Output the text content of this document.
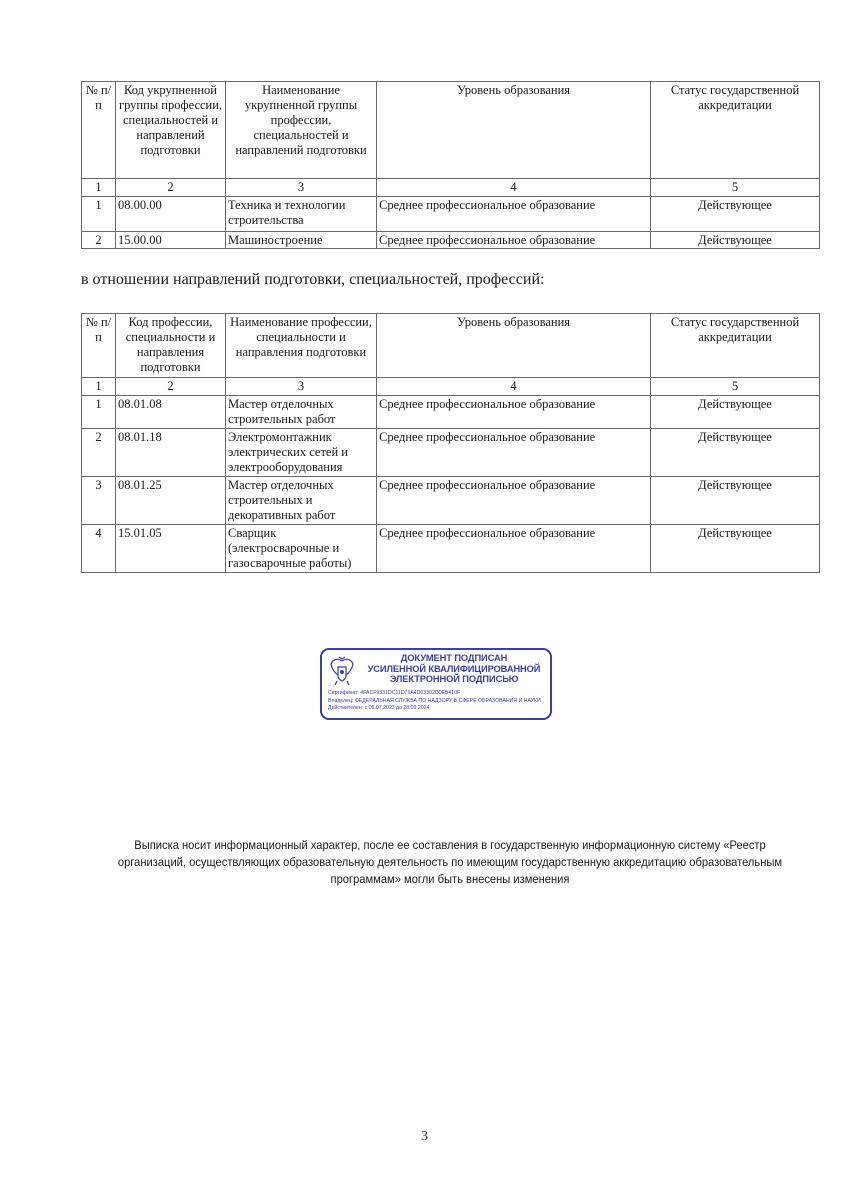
№ п/п	Код укрупненной группы профессии, специальностей и направлений подготовки	Наименование укрупненной группы профессии, специальностей и направлений подготовки	Уровень образования	Статус государственной аккредитации
1	2	3	4	5
1	08.00.00	Техника и технологии строительства	Среднее профессиональное образование	Действующее
2	15.00.00	Машиностроение	Среднее профессиональное образование	Действующее
в отношении направлений подготовки, специальностей, профессий:
№ п/п	Код профессии, специальности и направления подготовки	Наименование профессии, специальности и направления подготовки	Уровень образования	Статус государственной аккредитации
1	2	3	4	5
1	08.01.08	Мастер отделочных строительных работ	Среднее профессиональное образование	Действующее
2	08.01.18	Электромонтажник электрических сетей и электрооборудования	Среднее профессиональное образование	Действующее
3	08.01.25	Мастер отделочных строительных и декоративных работ	Среднее профессиональное образование	Действующее
4	15.01.05	Сварщик (электросварочные и газосварочные работы)	Среднее профессиональное образование	Действующее
ДОКУМЕНТ ПОДПИСАН
УСИЛЕННОЙ КВАЛИФИЦИРОВАННОЙ
ЭЛЕКТРОННОЙ ПОДПИСЬЮ
Сертификат: 4FACF9331DC11D71A4D03302D0EB410F
Владелец: ФЕДЕРАЛЬНАЯ СЛУЖБА ПО НАДЗОРУ В СФЕРЕ ОБРАЗОВАНИЯ И НАУКИ
Действителен: с 06.07.2023 до 28.09.2024
Выписка носит информационный характер, после ее составления в государственную информационную систему «Реестр организаций, осуществляющих образовательную деятельность по имеющим государственную аккредитацию образовательным программам» могли быть внесены изменения
3
